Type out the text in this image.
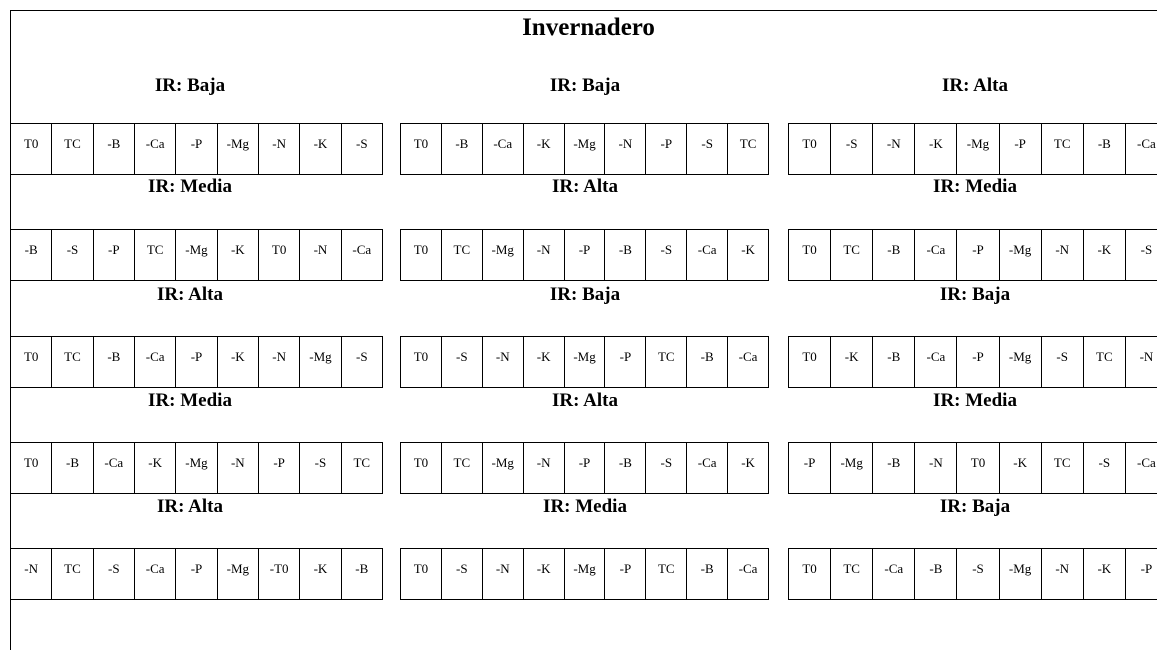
Invernadero
IR: Baja
T0	TC	-B	-Ca	-P	-Mg	-N	-K	-S
IR: Media
-B	-S	-P	TC	-Mg	-K	T0	-N	-Ca
IR: Alta
T0	TC	-B	-Ca	-P	-K	-N	-Mg	-S
IR: Media
T0	-B	-Ca	-K	-Mg	-N	-P	-S	TC
IR: Alta
-N	TC	-S	-Ca	-P	-Mg	-T0	-K	-B
IR: Baja
T0	-B	-Ca	-K	-Mg	-N	-P	-S	TC
IR: Alta
T0	TC	-Mg	-N	-P	-B	-S	-Ca	-K
IR: Baja
T0	-S	-N	-K	-Mg	-P	TC	-B	-Ca
IR: Alta
T0	TC	-Mg	-N	-P	-B	-S	-Ca	-K
IR: Media
T0	-S	-N	-K	-Mg	-P	TC	-B	-Ca
IR: Alta
T0	-S	-N	-K	-Mg	-P	TC	-B	-Ca
IR: Media
T0	TC	-B	-Ca	-P	-Mg	-N	-K	-S
IR: Baja
T0	-K	-B	-Ca	-P	-Mg	-S	TC	-N
IR: Media
-P	-Mg	-B	-N	T0	-K	TC	-S	-Ca
IR: Baja
T0	TC	-Ca	-B	-S	-Mg	-N	-K	-P
